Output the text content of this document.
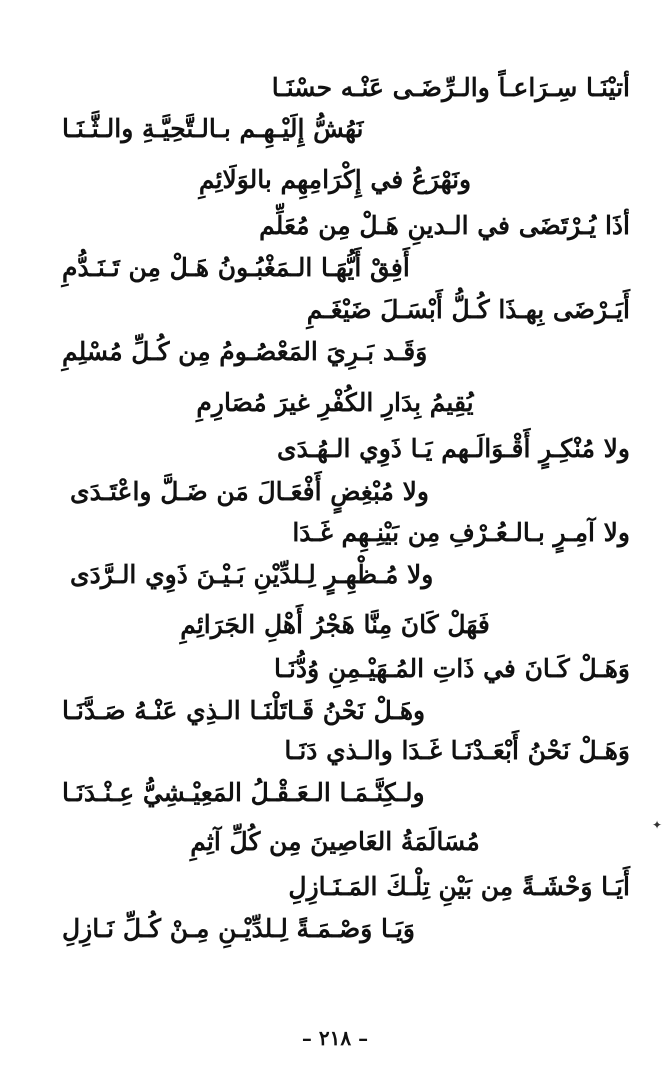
أتيْنَـا سِـرَاعـاً والـرِّضَـى عَنْـه حسْنَـا
نَهُشُّ إِلَيْـهِـم بـالـتَّحِيَّـةِ والـثَّـنَـا
ونَهْرَعُ في إِكْرَامِهِم بالوَلَائِمِ
أذَا يُـرْتَضَى في الـدينِ هَـلْ مِن مُعَلِّم
أَفِقْ أَيُّهَـا الـمَغْبُـونُ هَـلْ مِن تَـنَـدُّمِ
أَيَـرْضَى بِهـذَا كُـلُّ أَبْسَـلَ ضَيْغَـمِ
وَقَـد بَـرِيَ المَعْصُـومُ مِن كُـلِّ مُسْلِمِ
يُقِيمُ بِدَارِ الكُفْرِ غيرَ مُصَارِمِ
ولا مُنْكِـرٍ أَقْـوَالَـهم يَـا ذَوِي الـهُـدَى
ولا مُبْغِضٍ أَفْعَـالَ مَن ضَـلَّ واعْتَـدَى
ولا آمِـرٍ بـالـعُـرْفِ مِن بَيْنِـهِم غَـدَا
ولا مُـظْهِـرٍ لِـلدِّيْنِ بَـيْـنَ ذَوِي الـرَّدَى
فَهَلْ كَانَ مِنَّا هَجْرُ أَهْلِ الجَرَائِمِ
وَهَـلْ كَـانَ في ذَاتِ المُـهَيْـمِنِ وُدُّنَـا
وهَـلْ نَحْنُ قَـاتَلْنَـا الـذِي عَنْـهُ صَـدَّنَـا
وَهَـلْ نَحْنُ أَبْعَـدْنَـا غَـدَا والـذي دَنَـا
ولـكِنَّـمَـا الـعَـقْـلُ المَعِيْـشِيُّ عِـنْـدَنَـا
مُسَالَمَةُ العَاصِينَ مِن كُلِّ آثِمِ
أَيَـا وَحْشَـةً مِن بَيْنِ تِلْـكَ المَـنَـازِلِ
وَيَـا وَصْـمَـةً لِـلدِّيْـنِ مِـنْ كُـلِّ نَـازِلِ
✦
– ٢١٨ –
